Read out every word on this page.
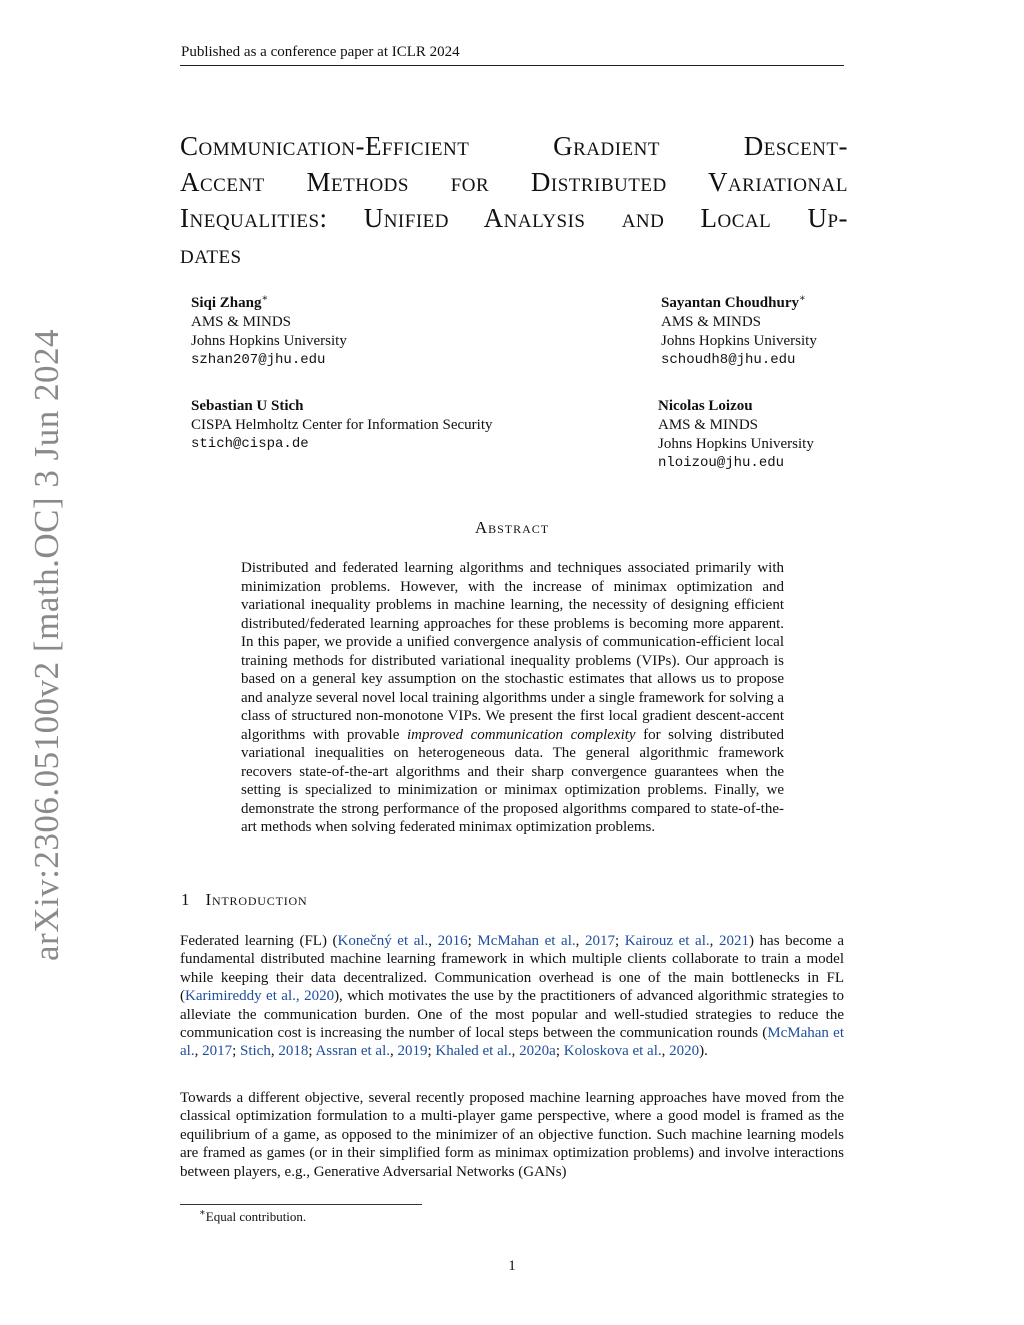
arXiv:2306.05100v2 [math.OC] 3 Jun 2024
Published as a conference paper at ICLR 2024
Communication-Efficient Gradient Descent-
Accent Methods for Distributed Variational
Inequalities: Unified Analysis and Local Up-
dates
Siqi Zhang∗
AMS & MINDS
Johns Hopkins University
szhan207@jhu.edu
Sayantan Choudhury∗
AMS & MINDS
Johns Hopkins University
schoudh8@jhu.edu
Sebastian U Stich
CISPA Helmholtz Center for Information Security
stich@cispa.de
Nicolas Loizou
AMS & MINDS
Johns Hopkins University
nloizou@jhu.edu
Abstract
Distributed and federated learning algorithms and techniques associated primarily with minimization problems. However, with the increase of minimax optimization and variational inequality problems in machine learning, the necessity of designing efficient distributed/federated learning approaches for these problems is becoming more apparent. In this paper, we provide a unified convergence analysis of communication-efficient local training methods for distributed variational inequality problems (VIPs). Our approach is based on a general key assumption on the stochastic estimates that allows us to propose and analyze several novel local training algorithms under a single framework for solving a class of structured non-monotone VIPs. We present the first local gradient descent-accent algorithms with provable improved communication complexity for solving distributed variational inequalities on heterogeneous data. The general algorithmic framework recovers state-of-the-art algorithms and their sharp convergence guarantees when the setting is specialized to minimization or minimax optimization problems. Finally, we demonstrate the strong performance of the proposed algorithms compared to state-of-the-art methods when solving federated minimax optimization problems.
1 Introduction
Federated learning (FL) (Konečný et al., 2016; McMahan et al., 2017; Kairouz et al., 2021) has become a fundamental distributed machine learning framework in which multiple clients collaborate to train a model while keeping their data decentralized. Communication overhead is one of the main bottlenecks in FL (Karimireddy et al., 2020), which motivates the use by the practitioners of advanced algorithmic strategies to alleviate the communication burden. One of the most popular and well-studied strategies to reduce the communication cost is increasing the number of local steps between the communication rounds (McMahan et al., 2017; Stich, 2018; Assran et al., 2019; Khaled et al., 2020a; Koloskova et al., 2020).
Towards a different objective, several recently proposed machine learning approaches have moved from the classical optimization formulation to a multi-player game perspective, where a good model is framed as the equilibrium of a game, as opposed to the minimizer of an objective function. Such machine learning models are framed as games (or in their simplified form as minimax optimization problems) and involve interactions between players, e.g., Generative Adversarial Networks (GANs)
∗Equal contribution.
1
